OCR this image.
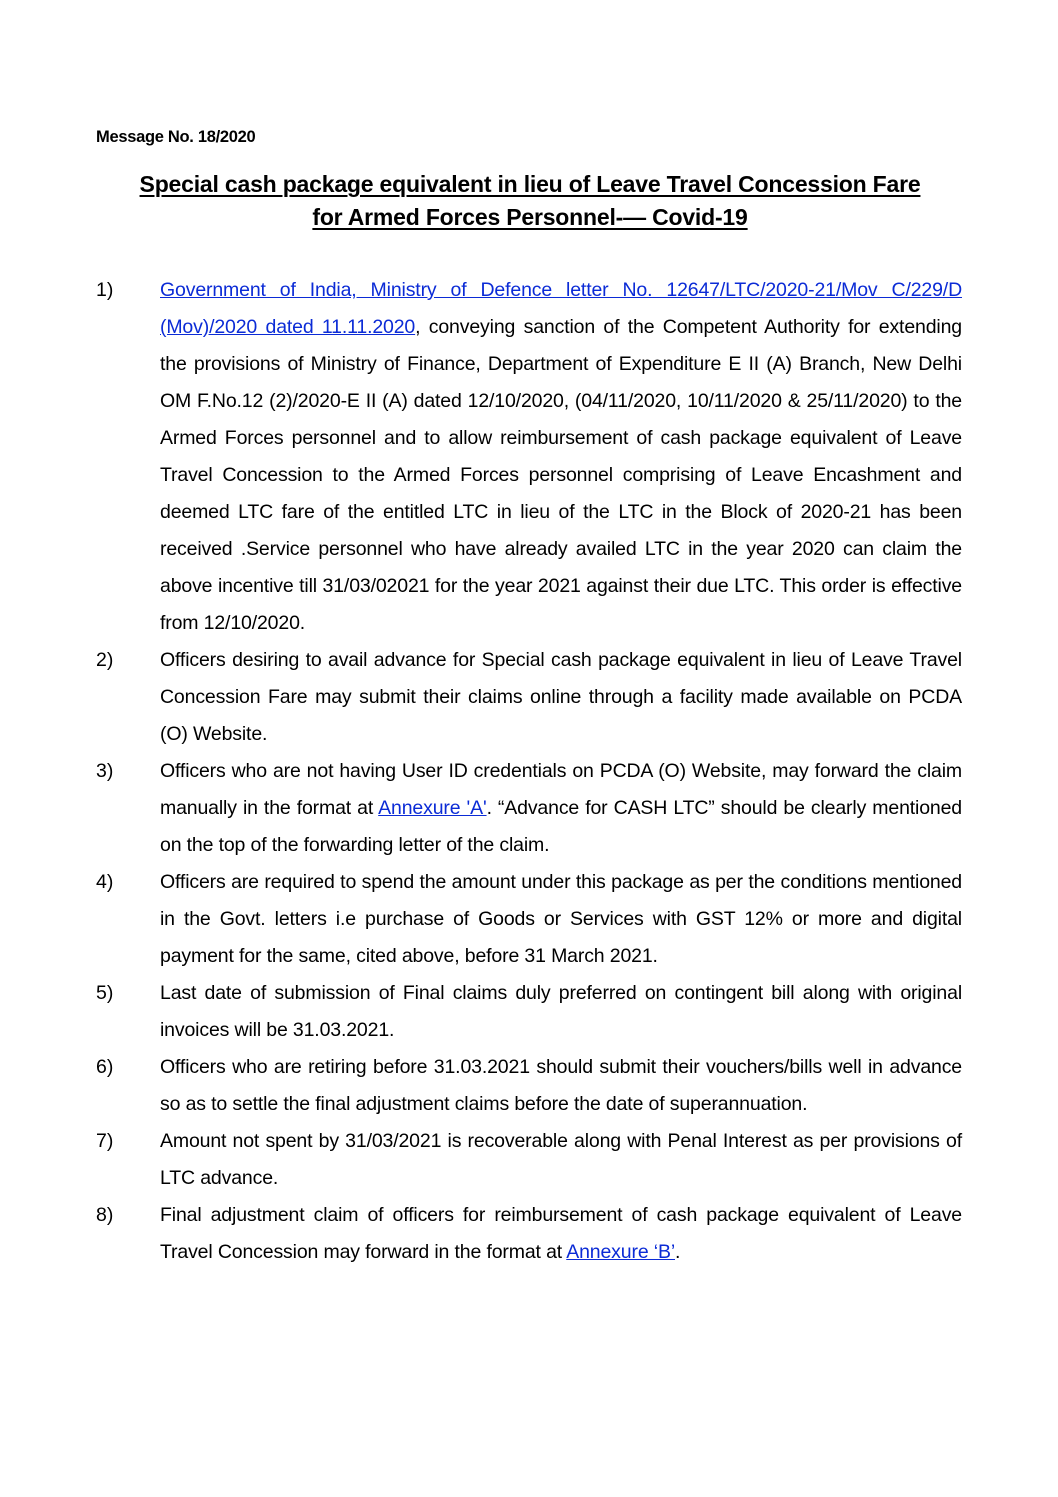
Message No. 18/2020
Special cash package equivalent in lieu of Leave Travel Concession Fare
for Armed Forces Personnel-— Covid-19
1)	Government of India, Ministry of Defence letter No. 12647/LTC/2020-21/Mov C/229/D (Mov)/2020 dated 11.11.2020, conveying sanction of the Competent Authority for extending the provisions of Ministry of Finance, Department of Expenditure E II (A) Branch, New Delhi OM F.No.12 (2)/2020-E II (A) dated 12/10/2020, (04/11/2020, 10/11/2020 & 25/11/2020) to the Armed Forces personnel and to allow reimbursement of cash package equivalent of Leave Travel Concession to the Armed Forces personnel comprising of Leave Encashment and deemed LTC fare of the entitled LTC in lieu of the LTC in the Block of 2020-21 has been received .Service personnel who have already availed LTC in the year 2020 can claim the above incentive till 31/03/02021 for the year 2021 against their due LTC. This order is effective from 12/10/2020.
2)	Officers desiring to avail advance for Special cash package equivalent in lieu of Leave Travel Concession Fare may submit their claims online through a facility made available on PCDA (O) Website.
3)	Officers who are not having User ID credentials on PCDA (O) Website, may forward the claim manually in the format at Annexure 'A'. “Advance for CASH LTC” should be clearly mentioned on the top of the forwarding letter of the claim.
4)	Officers are required to spend the amount under this package as per the conditions mentioned in the Govt. letters i.e purchase of Goods or Services with GST 12% or more and digital payment for the same, cited above, before 31 March 2021.
5)	Last date of submission of Final claims duly preferred on contingent bill along with original invoices will be 31.03.2021.
6)	Officers who are retiring before 31.03.2021 should submit their vouchers/bills well in advance so as to settle the final adjustment claims before the date of superannuation.
7)	Amount not spent by 31/03/2021 is recoverable along with Penal Interest as per provisions of LTC advance.
8)	Final adjustment claim of officers for reimbursement of cash package equivalent of Leave Travel Concession may forward in the format at Annexure ‘B’.
